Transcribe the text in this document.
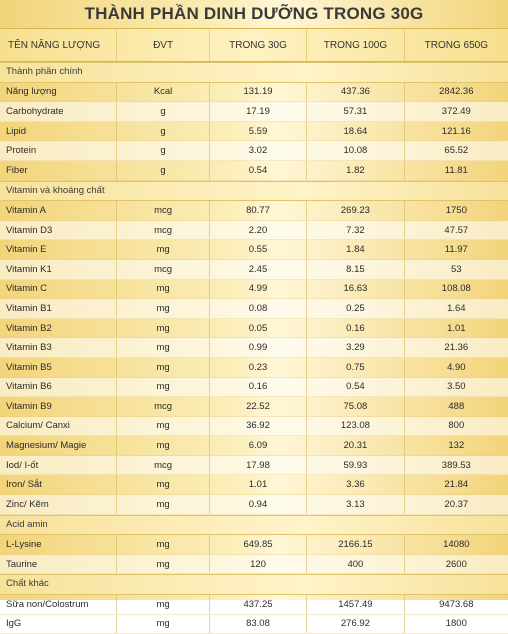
THÀNH PHẦN DINH DƯỠNG TRONG 30G
TÊN NĂNG LƯỢNG	ĐVT	TRONG 30G	TRONG 100G	TRONG 650G
Thành phần chính
Năng lượng	Kcal	131.19	437.36	2842.36
Carbohydrate	g	17.19	57.31	372.49
Lipid	g	5.59	18.64	121.16
Protein	g	3.02	10.08	65.52
Fiber	g	0.54	1.82	11.81
Vitamin và khoáng chất
Vitamin A	mcg	80.77	269.23	1750
Vitamin D3	mcg	2.20	7.32	47.57
Vitamin E	mg	0.55	1.84	11.97
Vitamin K1	mcg	2.45	8.15	53
Vitamin C	mg	4.99	16.63	108.08
Vitamin B1	mg	0.08	0.25	1.64
Vitamin B2	mg	0.05	0.16	1.01
Vitamin B3	mg	0.99	3.29	21.36
Vitamin B5	mg	0.23	0.75	4.90
Vitamin B6	mg	0.16	0.54	3.50
Vitamin B9	mcg	22.52	75.08	488
Calcium/ Canxi	mg	36.92	123.08	800
Magnesium/ Magie	mg	6.09	20.31	132
Iod/ I-ốt	mcg	17.98	59.93	389.53
Iron/ Sắt	mg	1.01	3.36	21.84
Zinc/ Kẽm	mg	0.94	3.13	20.37
Acid amin
L-Lysine	mg	649.85	2166.15	14080
Taurine	mg	120	400	2600
Chất khác
Sữa non/Colostrum	mg	437.25	1457.49	9473.68
IgG	mg	83.08	276.92	1800
